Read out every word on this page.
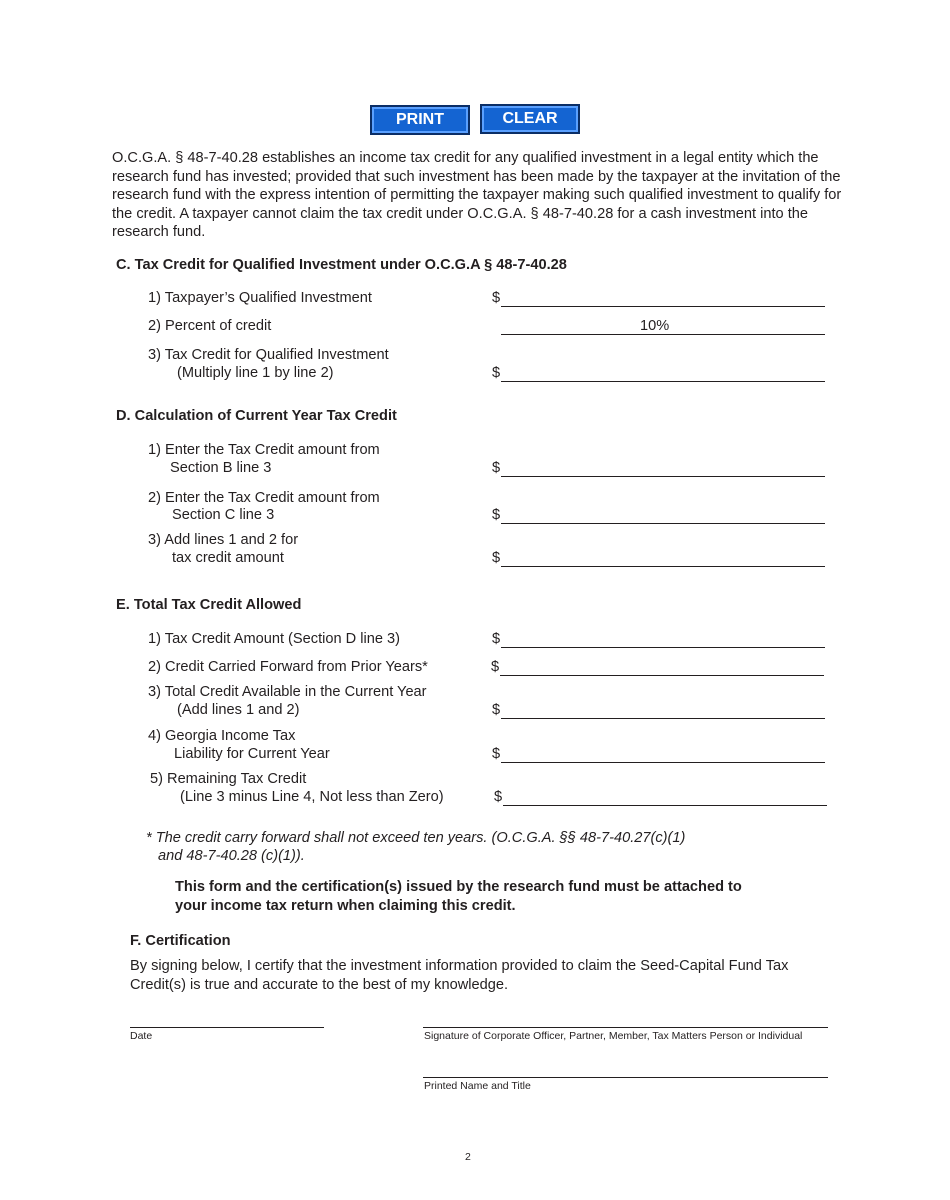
PRINT	CLEAR

O.C.G.A. § 48-7-40.28 establishes an income tax credit for any qualified investment in a legal entity which the research fund has invested; provided that such investment has been made by the taxpayer at the invitation of the research fund with the express intention of permitting the taxpayer making such qualified investment to qualify for the credit. A taxpayer cannot claim the tax credit under O.C.G.A. § 48-7-40.28 for a cash investment into the research fund.

C. Tax Credit for Qualified Investment under O.C.G.A § 48-7-40.28
1) Taxpayer’s Qualified Investment	$
2) Percent of credit	10%
3) Tax Credit for Qualified Investment
(Multiply line 1 by line 2)	$
D. Calculation of Current Year Tax Credit
1) Enter the Tax Credit amount from
Section B line 3	$
2) Enter the Tax Credit amount from
Section C line 3	$
3) Add lines 1 and 2 for
tax credit amount	$
E. Total Tax Credit Allowed
1) Tax Credit Amount (Section D line 3)	$
2) Credit Carried Forward from Prior Years*	$
3) Total Credit Available in the Current Year
(Add lines 1 and 2)	$
4) Georgia Income Tax
Liability for Current Year	$
5) Remaining Tax Credit
(Line 3 minus Line 4, Not less than Zero)	$
* The credit carry forward shall not exceed ten years. (O.C.G.A. §§ 48-7-40.27(c)(1)
and 48-7-40.28 (c)(1)).
This form and the certification(s) issued by the research fund must be attached to
your income tax return when claiming this credit.
F. Certification
By signing below, I certify that the investment information provided to claim the Seed-Capital Fund Tax Credit(s) is true and accurate to the best of my knowledge.
Date	Signature of Corporate Officer, Partner, Member, Tax Matters Person or Individual
Printed Name and Title
2
